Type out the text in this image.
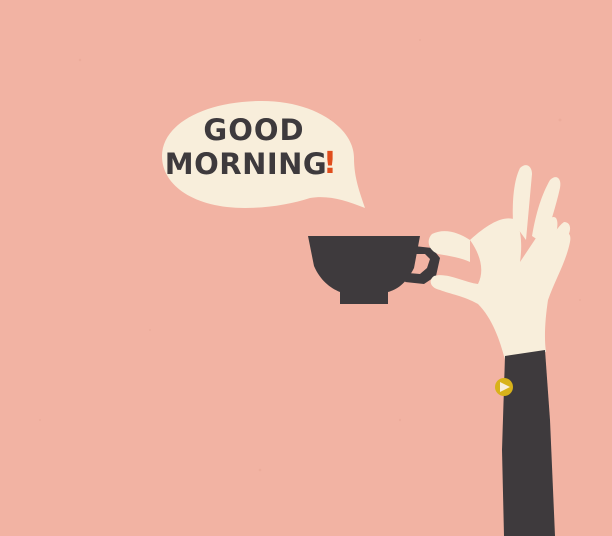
GOOD
MORNING
!
